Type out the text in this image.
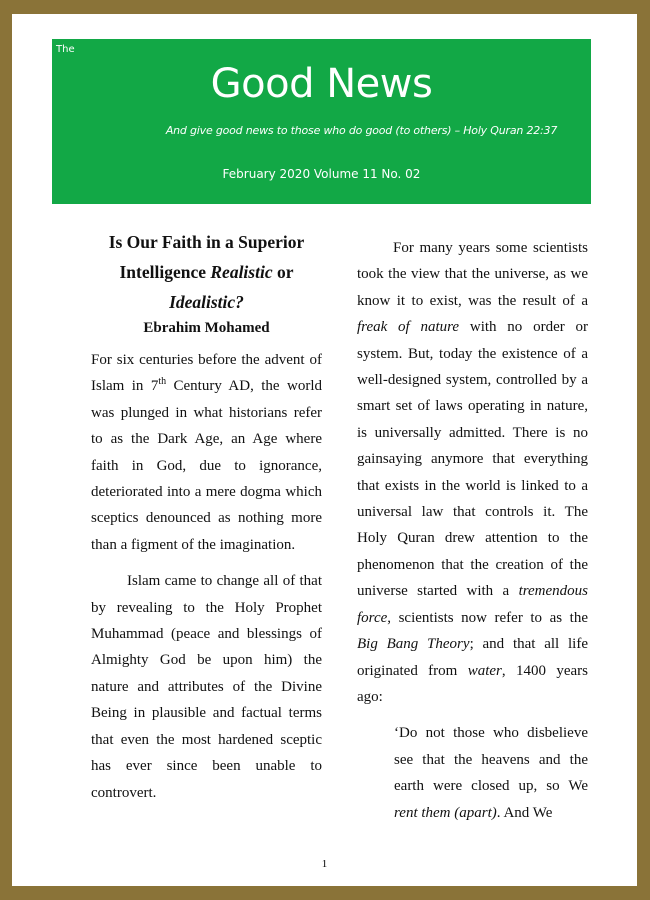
The
Good News
And give good news to those who do good (to others) – Holy Quran 22:37
February 2020 Volume 11 No. 02
Is Our Faith in a Superior Intelligence Realistic or
Idealistic?
Ebrahim Mohamed

For six centuries before the advent of Islam in 7th Century AD, the world was plunged in what historians refer to as the Dark Age, an Age where faith in God, due to ignorance, deteriorated into a mere dogma which sceptics denounced as nothing more than a figment of the imagination.

Islam came to change all of that by revealing to the Holy Prophet Muhammad (peace and blessings of Almighty God be upon him) the nature and attributes of the Divine Being in plausible and factual terms that even the most hardened sceptic has ever since been unable to controvert.

For many years some scientists took the view that the universe, as we know it to exist, was the result of a freak of nature with no order or system. But, today the existence of a well-designed system, controlled by a smart set of laws operating in nature, is universally admitted. There is no gainsaying anymore that everything that exists in the world is linked to a universal law that controls it. The Holy Quran drew attention to the phenomenon that the creation of the universe started with a tremendous force, scientists now refer to as the Big Bang Theory; and that all life originated from water, 1400 years ago:

‘Do not those who disbelieve see that the heavens and the earth were closed up, so We rent them (apart). And We

1
